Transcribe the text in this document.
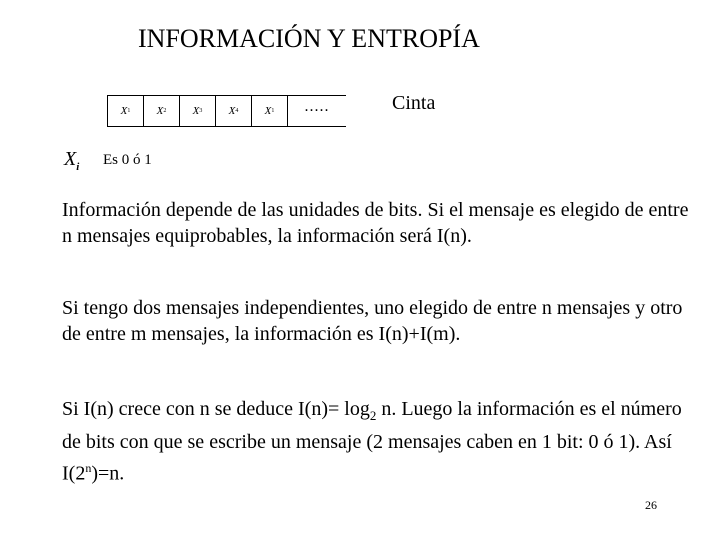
INFORMACIÓN Y ENTROPÍA
X 1 X 2 X 3 X 4 X 1	.....	Cinta
$X_i$ Es 0 ó 1
Información depende de las unidades de bits. Si el mensaje es elegido de entre n mensajes equiprobables, la información será I(n).
Si tengo dos mensajes independientes, uno elegido de entre n mensajes y otro de entre m mensajes, la información es I(n)+I(m).
Si I(n) crece con n se deduce $I(n)= \log_2 n$. Luego la información es el número de bits con que se escribe un mensaje (2 mensajes caben en 1 bit: 0 ó 1). Así $I(2^n)=n$.
26
